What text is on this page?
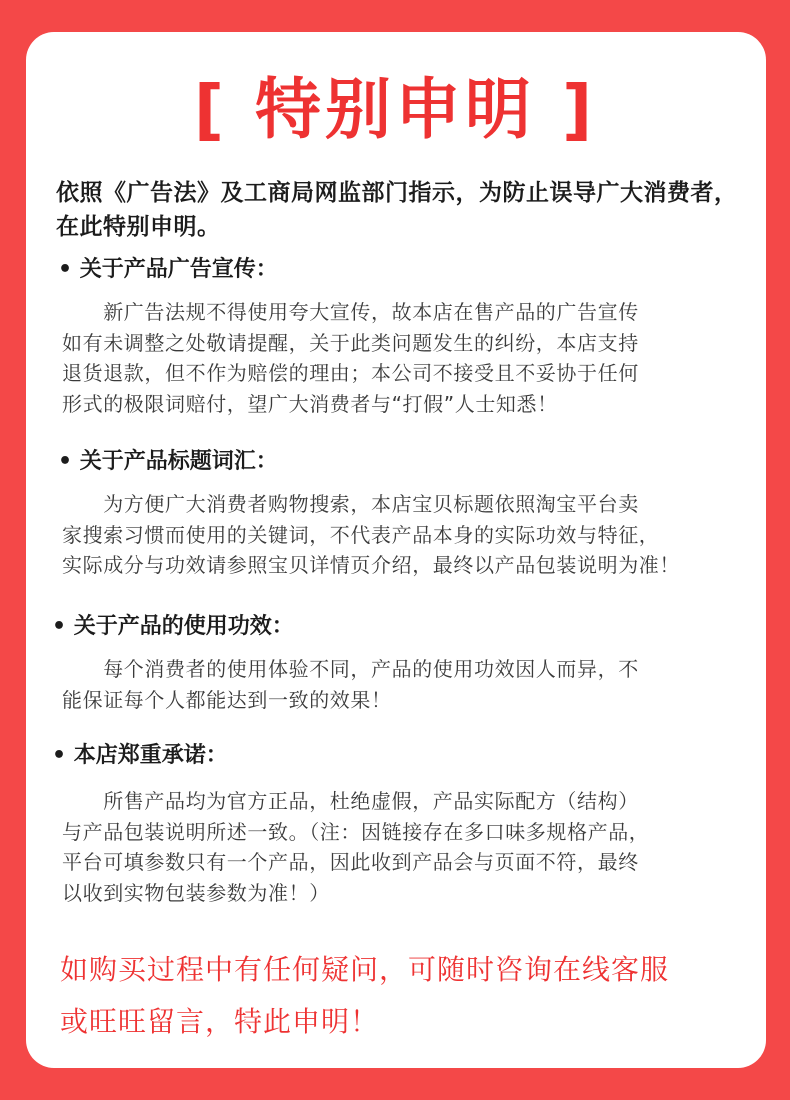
[ 特别申明 ]
依照《广告法》及工商局网监部门指示，为防止误导广大消费者，在此特别申明。
• 关于产品广告宣传：

　　新广告法规不得使用夸大宣传，故本店在售产品的广告宣传

如有未调整之处敬请提醒，关于此类问题发生的纠纷，本店支持

退货退款，但不作为赔偿的理由；本公司不接受且不妥协于任何

形式的极限词赔付，望广大消费者与“打假”人士知悉！

• 关于产品标题词汇：

　　为方便广大消费者购物搜索，本店宝贝标题依照淘宝平台卖

家搜索习惯而使用的关键词，不代表产品本身的实际功效与特征，

实际成分与功效请参照宝贝详情页介绍，最终以产品包装说明为准！

• 关于产品的使用功效：

　　每个消费者的使用体验不同，产品的使用功效因人而异，不

能保证每个人都能达到一致的效果！

• 本店郑重承诺：

　　所售产品均为官方正品，杜绝虚假，产品实际配方（结构）

与产品包装说明所述一致。（注：因链接存在多口味多规格产品，

平台可填参数只有一个产品，因此收到产品会与页面不符，最终

以收到实物包装参数为准！）

如购买过程中有任何疑问，可随时咨询在线客服

或旺旺留言，特此申明！
